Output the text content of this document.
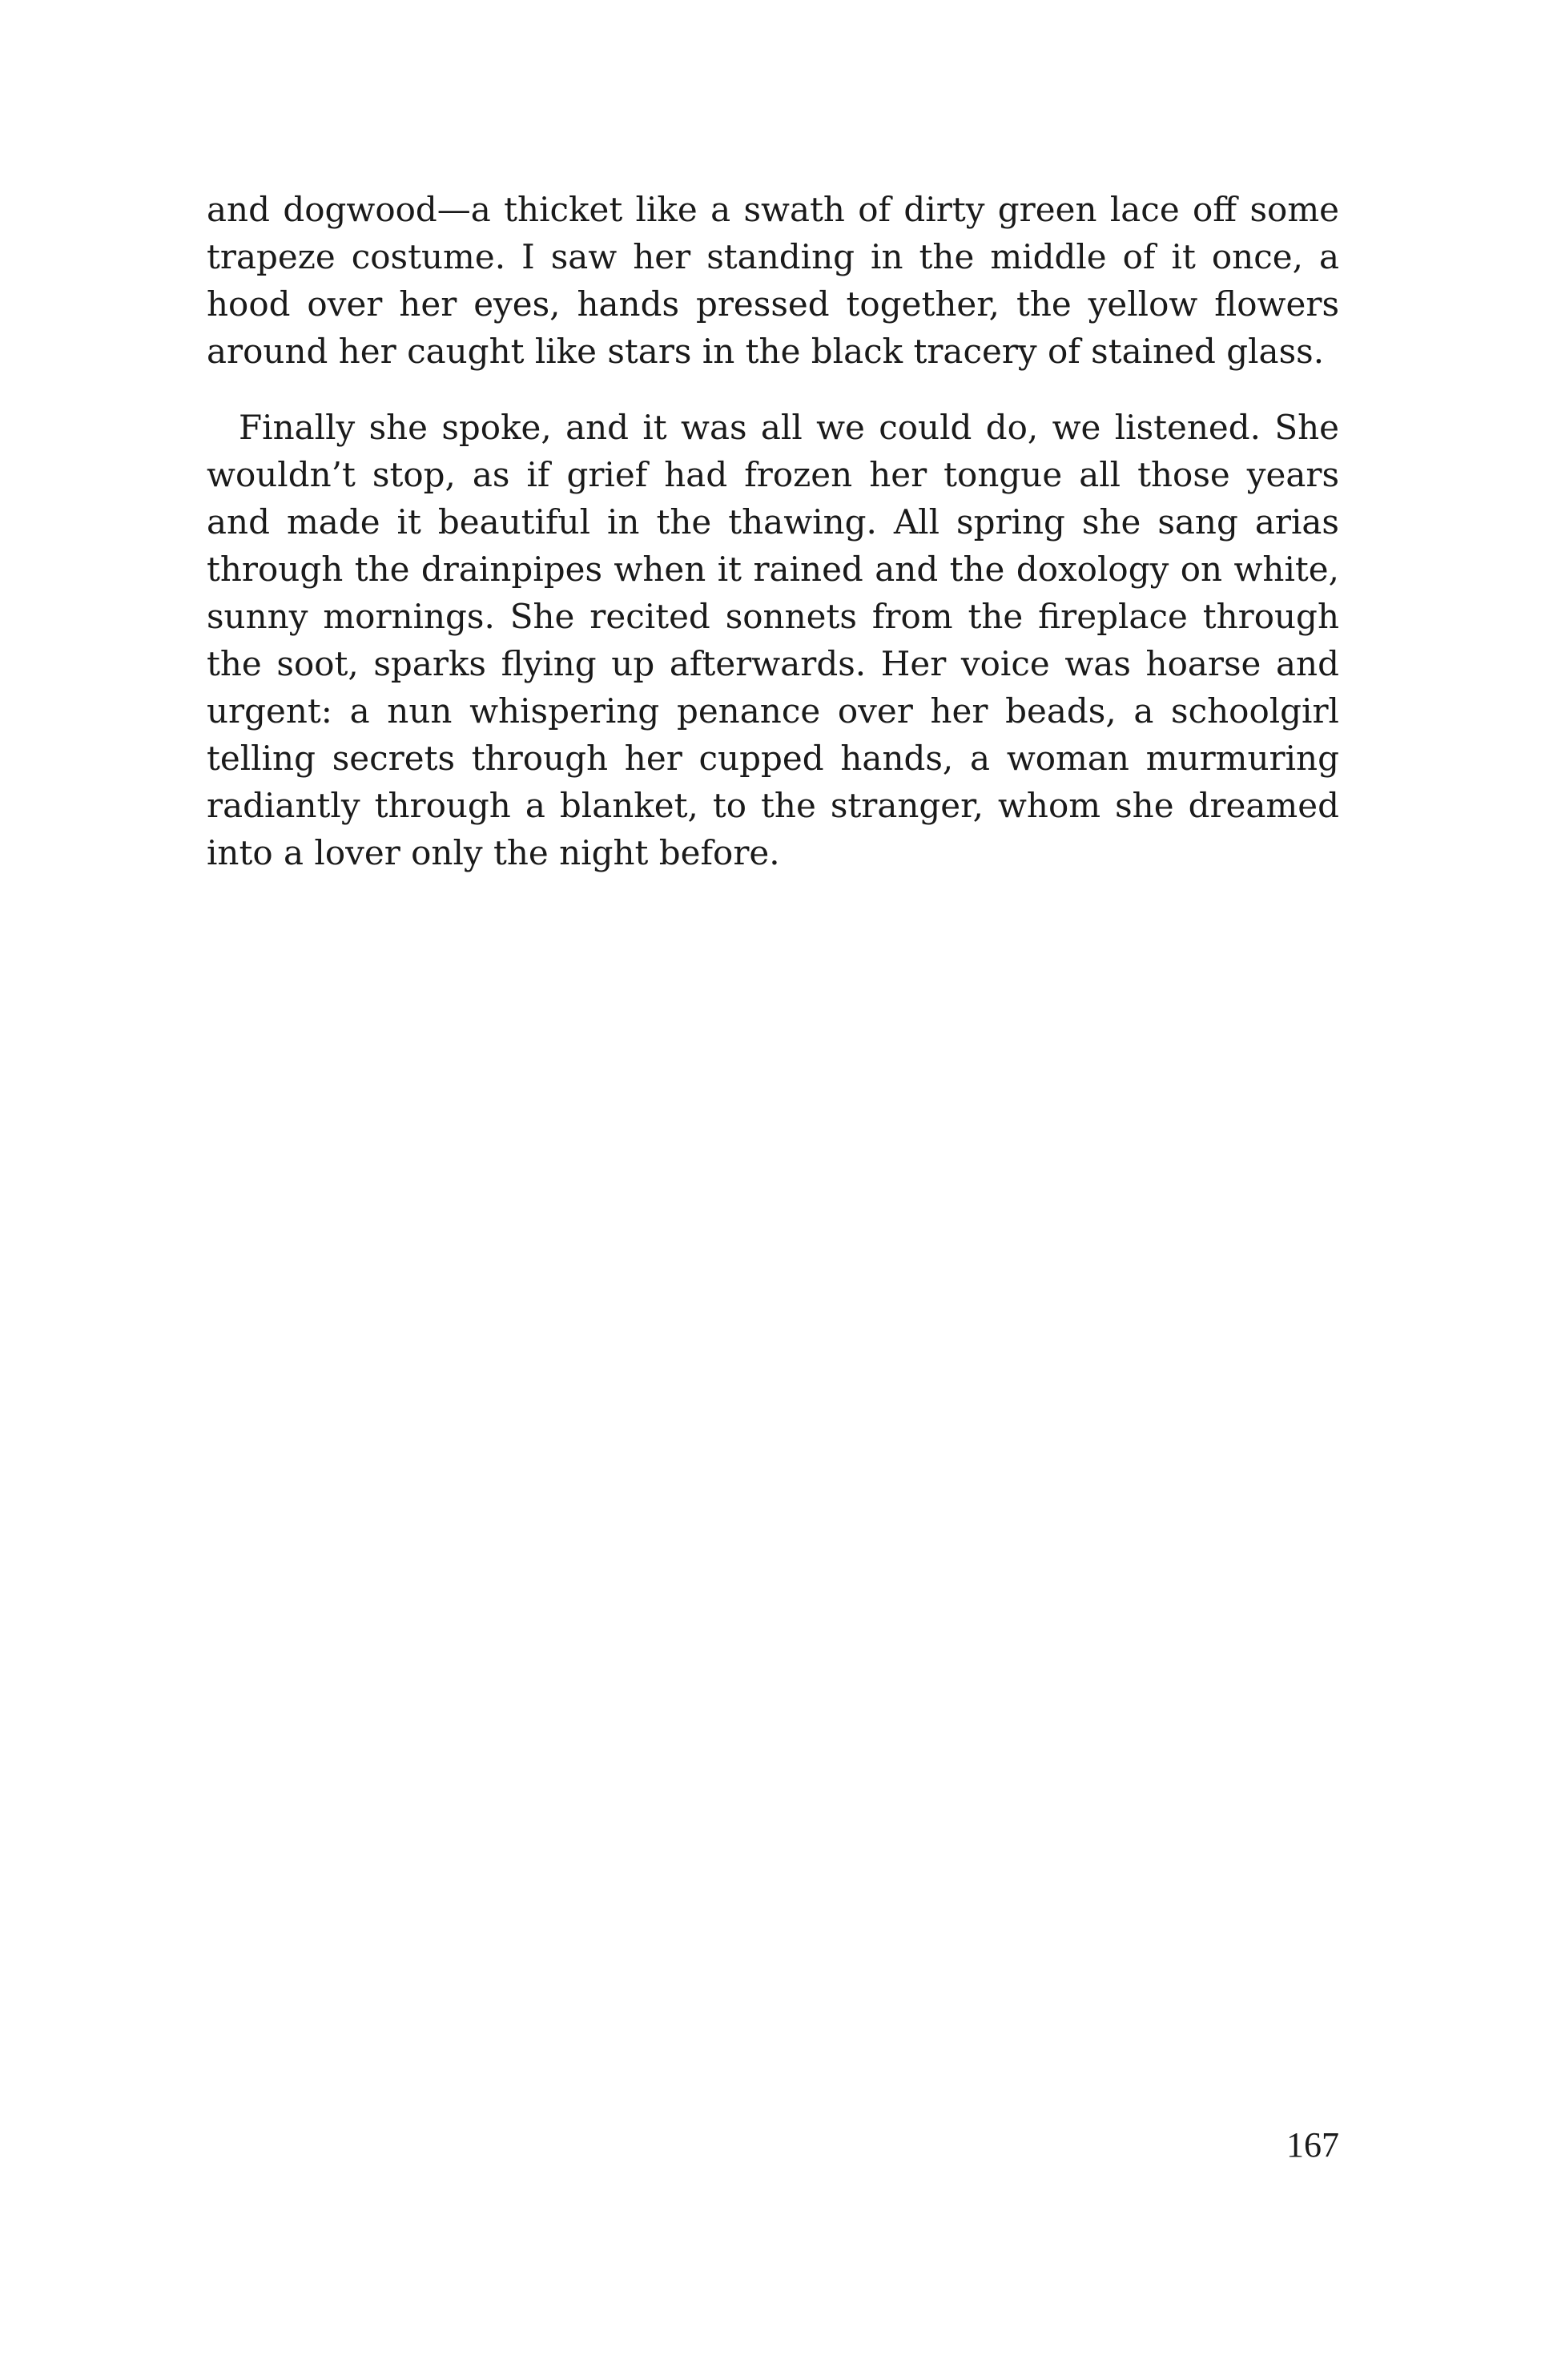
and dogwood—a thicket like a swath of dirty green lace off some trapeze costume. I saw her standing in the middle of it once, a hood over her eyes, hands pressed together, the yellow flowers around her caught like stars in the black tracery of stained glass.

Finally she spoke, and it was all we could do, we listened. She wouldn’t stop, as if grief had frozen her tongue all those years and made it beautiful in the thawing. All spring she sang arias through the drainpipes when it rained and the doxology on white, sunny mornings. She recited sonnets from the fireplace through the soot, sparks flying up afterwards. Her voice was hoarse and urgent: a nun whispering penance over her beads, a schoolgirl telling secrets through her cupped hands, a woman murmuring radiantly through a blanket, to the stranger, whom she dreamed into a lover only the night before.

167
